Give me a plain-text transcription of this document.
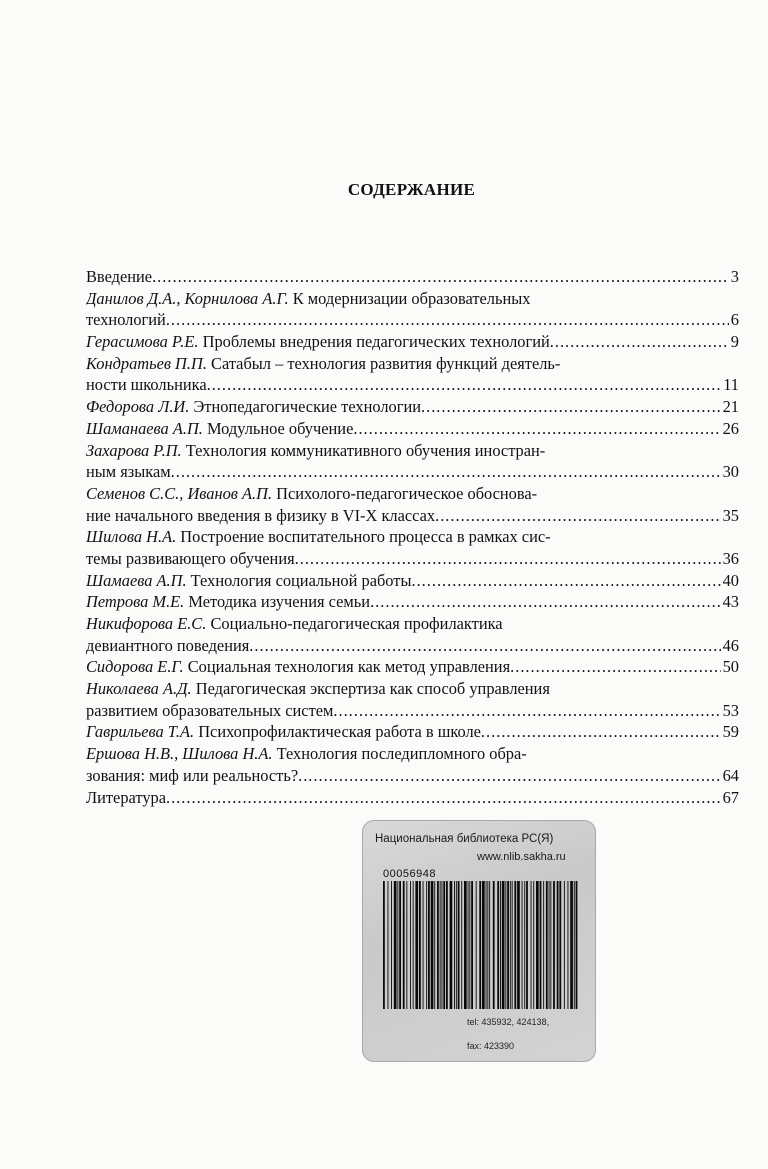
СОДЕРЖАНИЕ
Введение .....	3
Данилов Д.А., Корнилова А.Г. К модернизации образовательных
технологий .....	6
Герасимова Р.Е. Проблемы внедрения педагогических технологий .....	9
Кондратьев П.П. Сатабыл – технология развития функций деятель-
ности школьника .....	11
Федорова Л.И. Этнопедагогические технологии .....	21
Шаманаева А.П. Модульное обучение .....	26
Захарова Р.П. Технология коммуникативного обучения иностран-
ным языкам .....	30
Семенов С.С., Иванов А.П. Психолого-педагогическое обоснова-
ние начального введения в физику в VI-X классах .....	35
Шилова Н.А. Построение воспитательного процесса в рамках сис-
темы развивающего обучения .....	36
Шамаева А.П. Технология социальной работы .....	40
Петрова М.Е. Методика изучения семьи .....	43
Никифорова Е.С. Социально-педагогическая профилактика
девиантного поведения .....	46
Сидорова Е.Г. Социальная технология как метод управления .....	50
Николаева А.Д. Педагогическая экспертиза как способ управления
развитием образовательных систем .....	53
Гаврильева Т.А. Психопрофилактическая работа в школе .....	59
Ершова Н.В., Шилова Н.А. Технология последипломного обра-
зования: миф или реальность? .....	64
Литература .....	67
Национальная библиотека РС(Я)
www.nlib.sakha.ru
00056948
tel: 435932, 424138,
fax: 423390
